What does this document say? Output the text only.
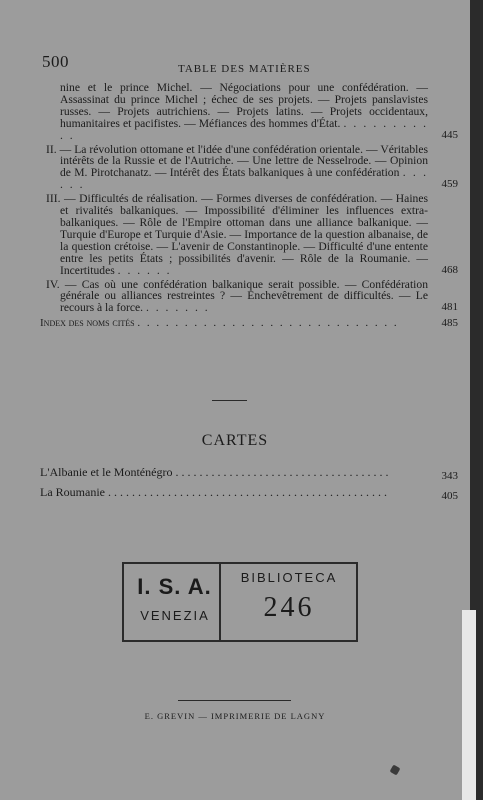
500	TABLE DES MATIÈRES
nine et le prince Michel. — Négociations pour une confédération. — Assassinat du prince Michel ; échec de ses projets. — Projets panslavistes russes. — Projets autrichiens. — Projets latins. — Projets occidentaux, humanitaires et pacifistes. — Méfiances des hommes d'État. . . . . . . . . . . .	445
II. — La révolution ottomane et l'idée d'une confédération orientale. — Véritables intérêts de la Russie et de l'Autriche. — Une lettre de Nesselrode. — Opinion de M. Pirotchanatz. — Intérêt des États balkaniques à une confédération . . . . . .	459
III. — Difficultés de réalisation. — Formes diverses de confédération. — Haines et rivalités balkaniques. — Impossibilité d'éliminer les influences extra-balkaniques. — Rôle de l'Empire ottoman dans une alliance balkanique. — Turquie d'Europe et Turquie d'Asie. — Importance de la question albanaise, de la question crétoise. — L'avenir de Constantinople. — Difficulté d'une entente entre les petits États ; possibilités d'avenir. — Rôle de la Roumanie. — Incertitudes . . . . . .	468
IV. — Cas où une confédération balkanique serait possible. — Confédération générale ou alliances restreintes ? — Enchevêtrement de difficultés. — Le recours à la force. . . . . . . .	481
Index des noms cités . . . . . . . . . . . . . . . . . . . . . . . . . . . .	485
CARTES
L'Albanie et le Monténégro . . . . . . . . . . . . . . . . . . . . . . . . . . . . . . . . . . . .	343
La Roumanie . . . . . . . . . . . . . . . . . . . . . . . . . . . . . . . . . . . . . . . . . . . . . . .	405
I. S. A.
VENEZIA
BIBLIOTECA
246
E. GREVIN — IMPRIMERIE DE LAGNY
